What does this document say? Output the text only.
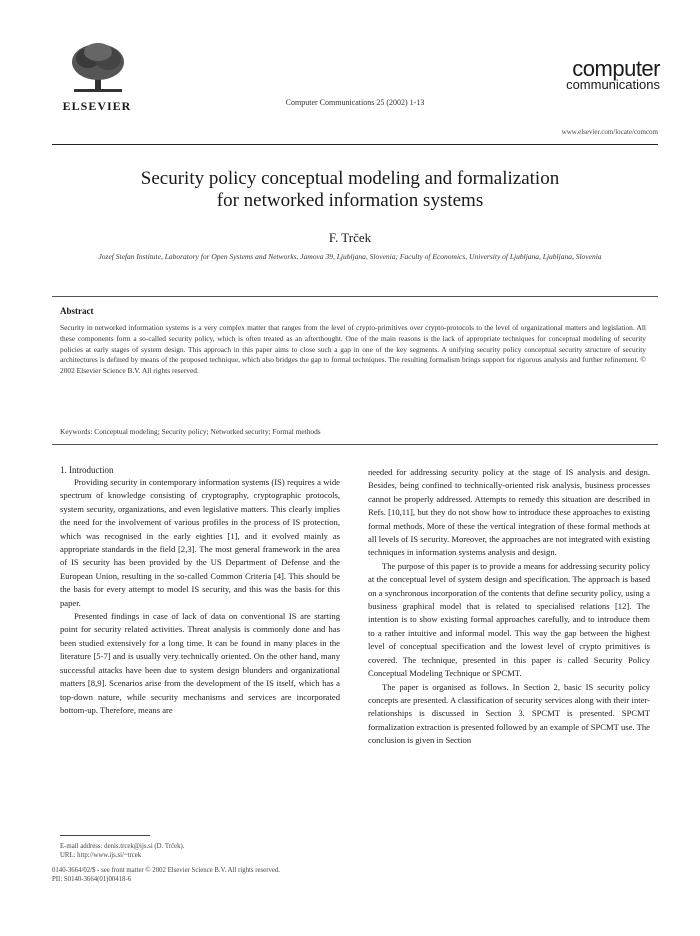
ELSEVIER	Computer Communications 25 (2002) 1-13
computer
communications
www.elsevier.com/locate/comcom
Security policy conceptual modeling and formalization
for networked information systems
F. Trček
Jozef Stefan Institute, Laboratory for Open Systems and Networks, Jamova 39, Ljubljana, Slovenia; Faculty of Economics, University of Ljubljana, Ljubljana, Slovenia
Abstract
Security in networked information systems is a very complex matter that ranges from the level of crypto-primitives over crypto-protocols to the level of organizational matters and legislation. All these components form a so-called security policy, which is often treated as an afterthought. One of the main reasons is the lack of appropriate techniques for conceptual modeling of security policies at early stages of system design. This approach in this paper aims to close such a gap in one of the key segments. A unifying security policy conceptual security structure of security architectures is defined by means of the proposed technique, which also bridges the gap to formal techniques. The resulting formalism brings support for rigorous analysis and further refinement. © 2002 Elsevier Science B.V. All rights reserved.
Keywords: Conceptual modeling; Security policy; Networked security; Formal methods
1. Introduction

Providing security in contemporary information systems (IS) requires a wide spectrum of knowledge consisting of cryptography, cryptographic protocols, system security, organizations, and even legislative matters. This clearly implies the need for the involvement of various profiles in the process of IS protection, which was recognised in the early eighties [1], and it evolved mainly as appropriate standards in the field [2,3]. The most general framework in the area of IS security has been provided by the US Department of Defense and the European Union, resulting in the so-called Common Criteria [4]. This should be the basis for every attempt to model IS security, and this was the basis for this paper.

Presented findings in case of lack of data on conventional IS are starting point for security related activities. Threat analysis is commonly done and has been studied extensively for a long time. It can be found in many places in the literature [5-7] and is usually very technically oriented. On the other hand, many successful attacks have been due to system design blunders and organizational matters [8,9]. Scenarios arise from the development of the IS itself, which has a top-down nature, while security mechanisms and services are incorporated bottom-up. Therefore, means are

needed for addressing security policy at the stage of IS analysis and design. Besides, being confined to technically-oriented risk analysis, business processes cannot be properly addressed. Attempts to remedy this situation are described in Refs. [10,11], but they do not show how to introduce these approaches to existing formal methods. More of these the vertical integration of these formal methods at all levels of IS security. Moreover, the approaches are not integrated with existing techniques in information systems analysis and design.

The purpose of this paper is to provide a means for addressing security policy at the conceptual level of system design and specification. The approach is based on a synchronous incorporation of the contents that define security policy, using a business graphical model that is related to specialised relations [12]. The intention is to show existing formal approaches carefully, and to introduce them to a rather intuitive and informal model. This way the gap between the highest level of conceptual specification and the lowest level of crypto primitives is covered. The technique, presented in this paper is called Security Policy Conceptual Modeling Technique or SPCMT.

The paper is organised as follows. In Section 2, basic IS security policy concepts are presented. A classification of security services along with their inter-relationships is discussed in Section 3. SPCMT is presented. SPCMT formalization extraction is presented followed by an example of SPCMT use. The conclusion is given in Section

E-mail address: denis.trcek@ijs.si (D. Trček).
URL: http://www.ijs.si/~trcek
0140-3664/02/$ - see front matter © 2002 Elsevier Science B.V. All rights reserved.
PII: S0140-3664(01)00418-6
